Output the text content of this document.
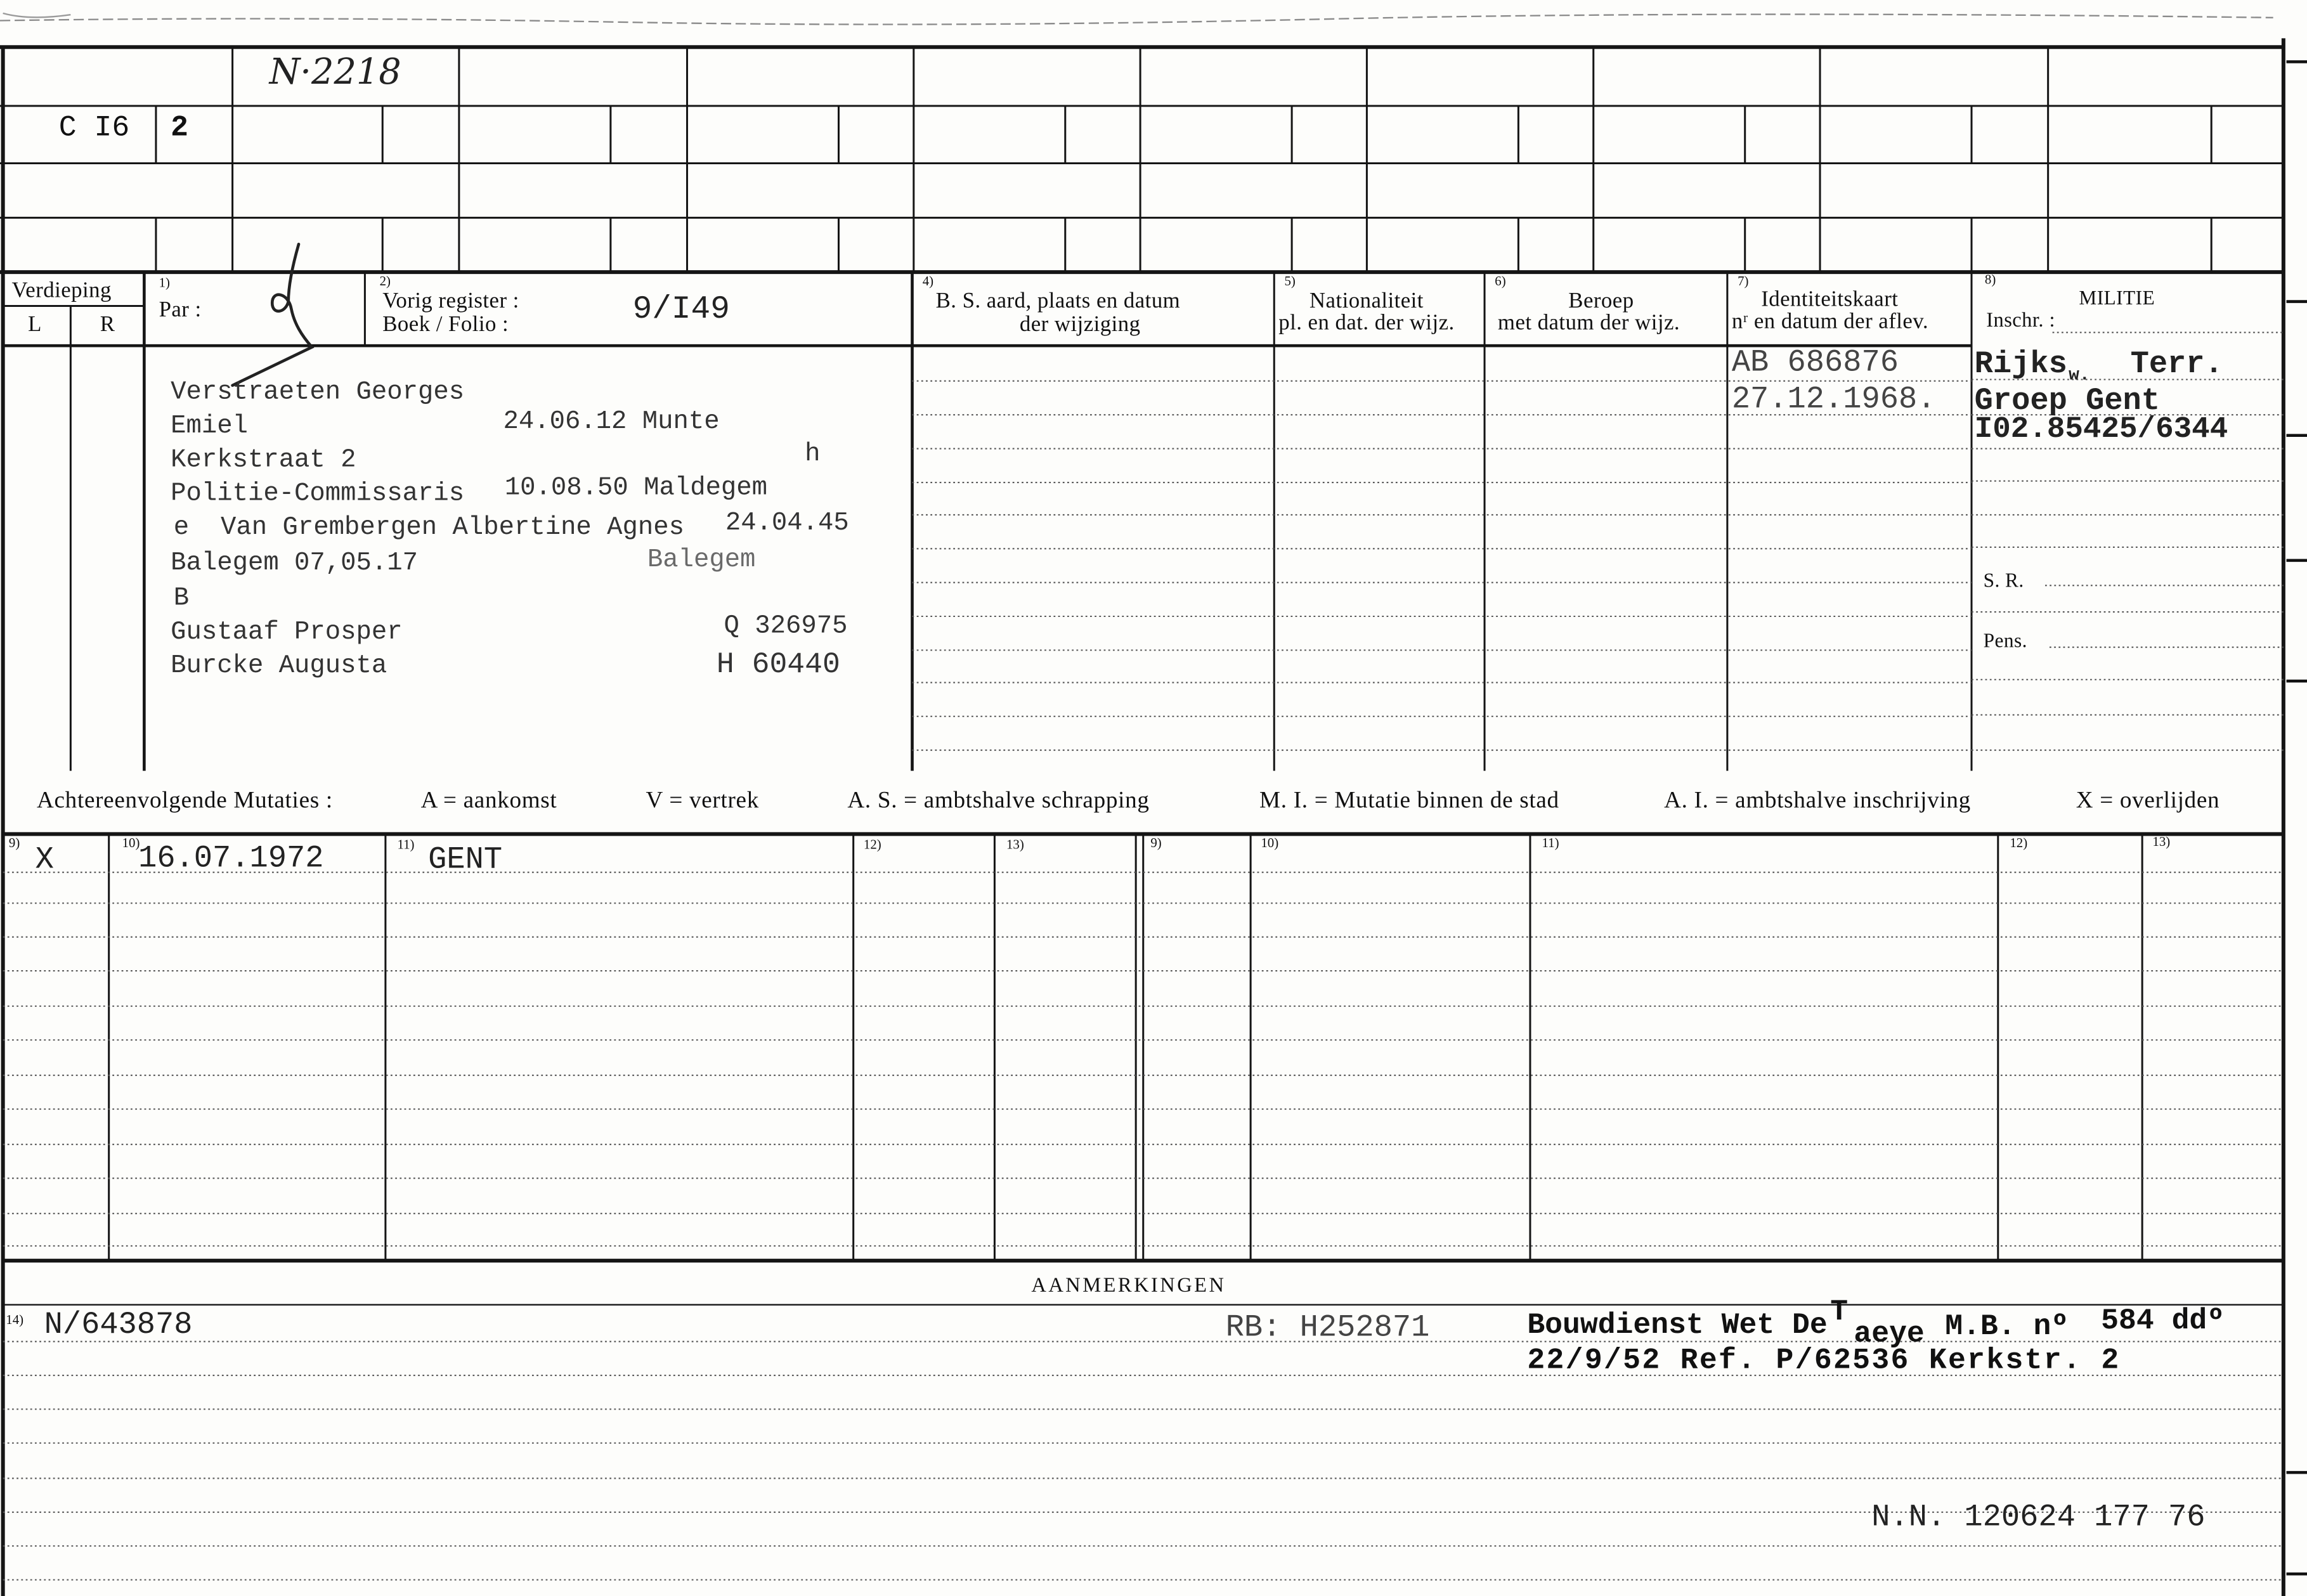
N·2218
C I6	2
Verdieping
L	R
1)
Par :
2)
Vorig register :
Boek / Folio :	9/I49
4)
B. S. aard, plaats en datum
der wijziging
5)
Nationaliteit
pl. en dat. der wijz.
6)
Beroep
met datum der wijz.
7)
Identiteitskaart
nʳ en datum der aflev.
8)
MILITIE
Inschr. :
S. R.
Pens.
Verstraeten Georges
Emiel	24.06.12 Munte
Kerkstraat 2	h
Politie-Commissaris	10.08.50 Maldegem
e	Van Grembergen Albertine Agnes	24.04.45
Balegem 07,05.17	Balegem
B
Gustaaf Prosper	Q 326975
Burcke Augusta	H 60440
AB 686876
27.12.1968.
Rijks w.	Terr.
Groep Gent
I02.85425/6344
Achtereenvolgende Mutaties :	A = aankomst	V = vertrek	A. S. = ambtshalve schrapping	M. I. = Mutatie binnen de stad	A. I. = ambtshalve inschrijving	X = overlijden
9)	10)	11)	12)	13)	9)	10)	11)	12)	13)
X	16.07.1972	GENT
AANMERKINGEN
14) N/643878	RB: H252871	Bouwdienst Wet De T
aeye M.B. nº	584 ddº
22/9/52 Ref. P/62536 Kerkstr. 2
N.N. 120624 177 76
